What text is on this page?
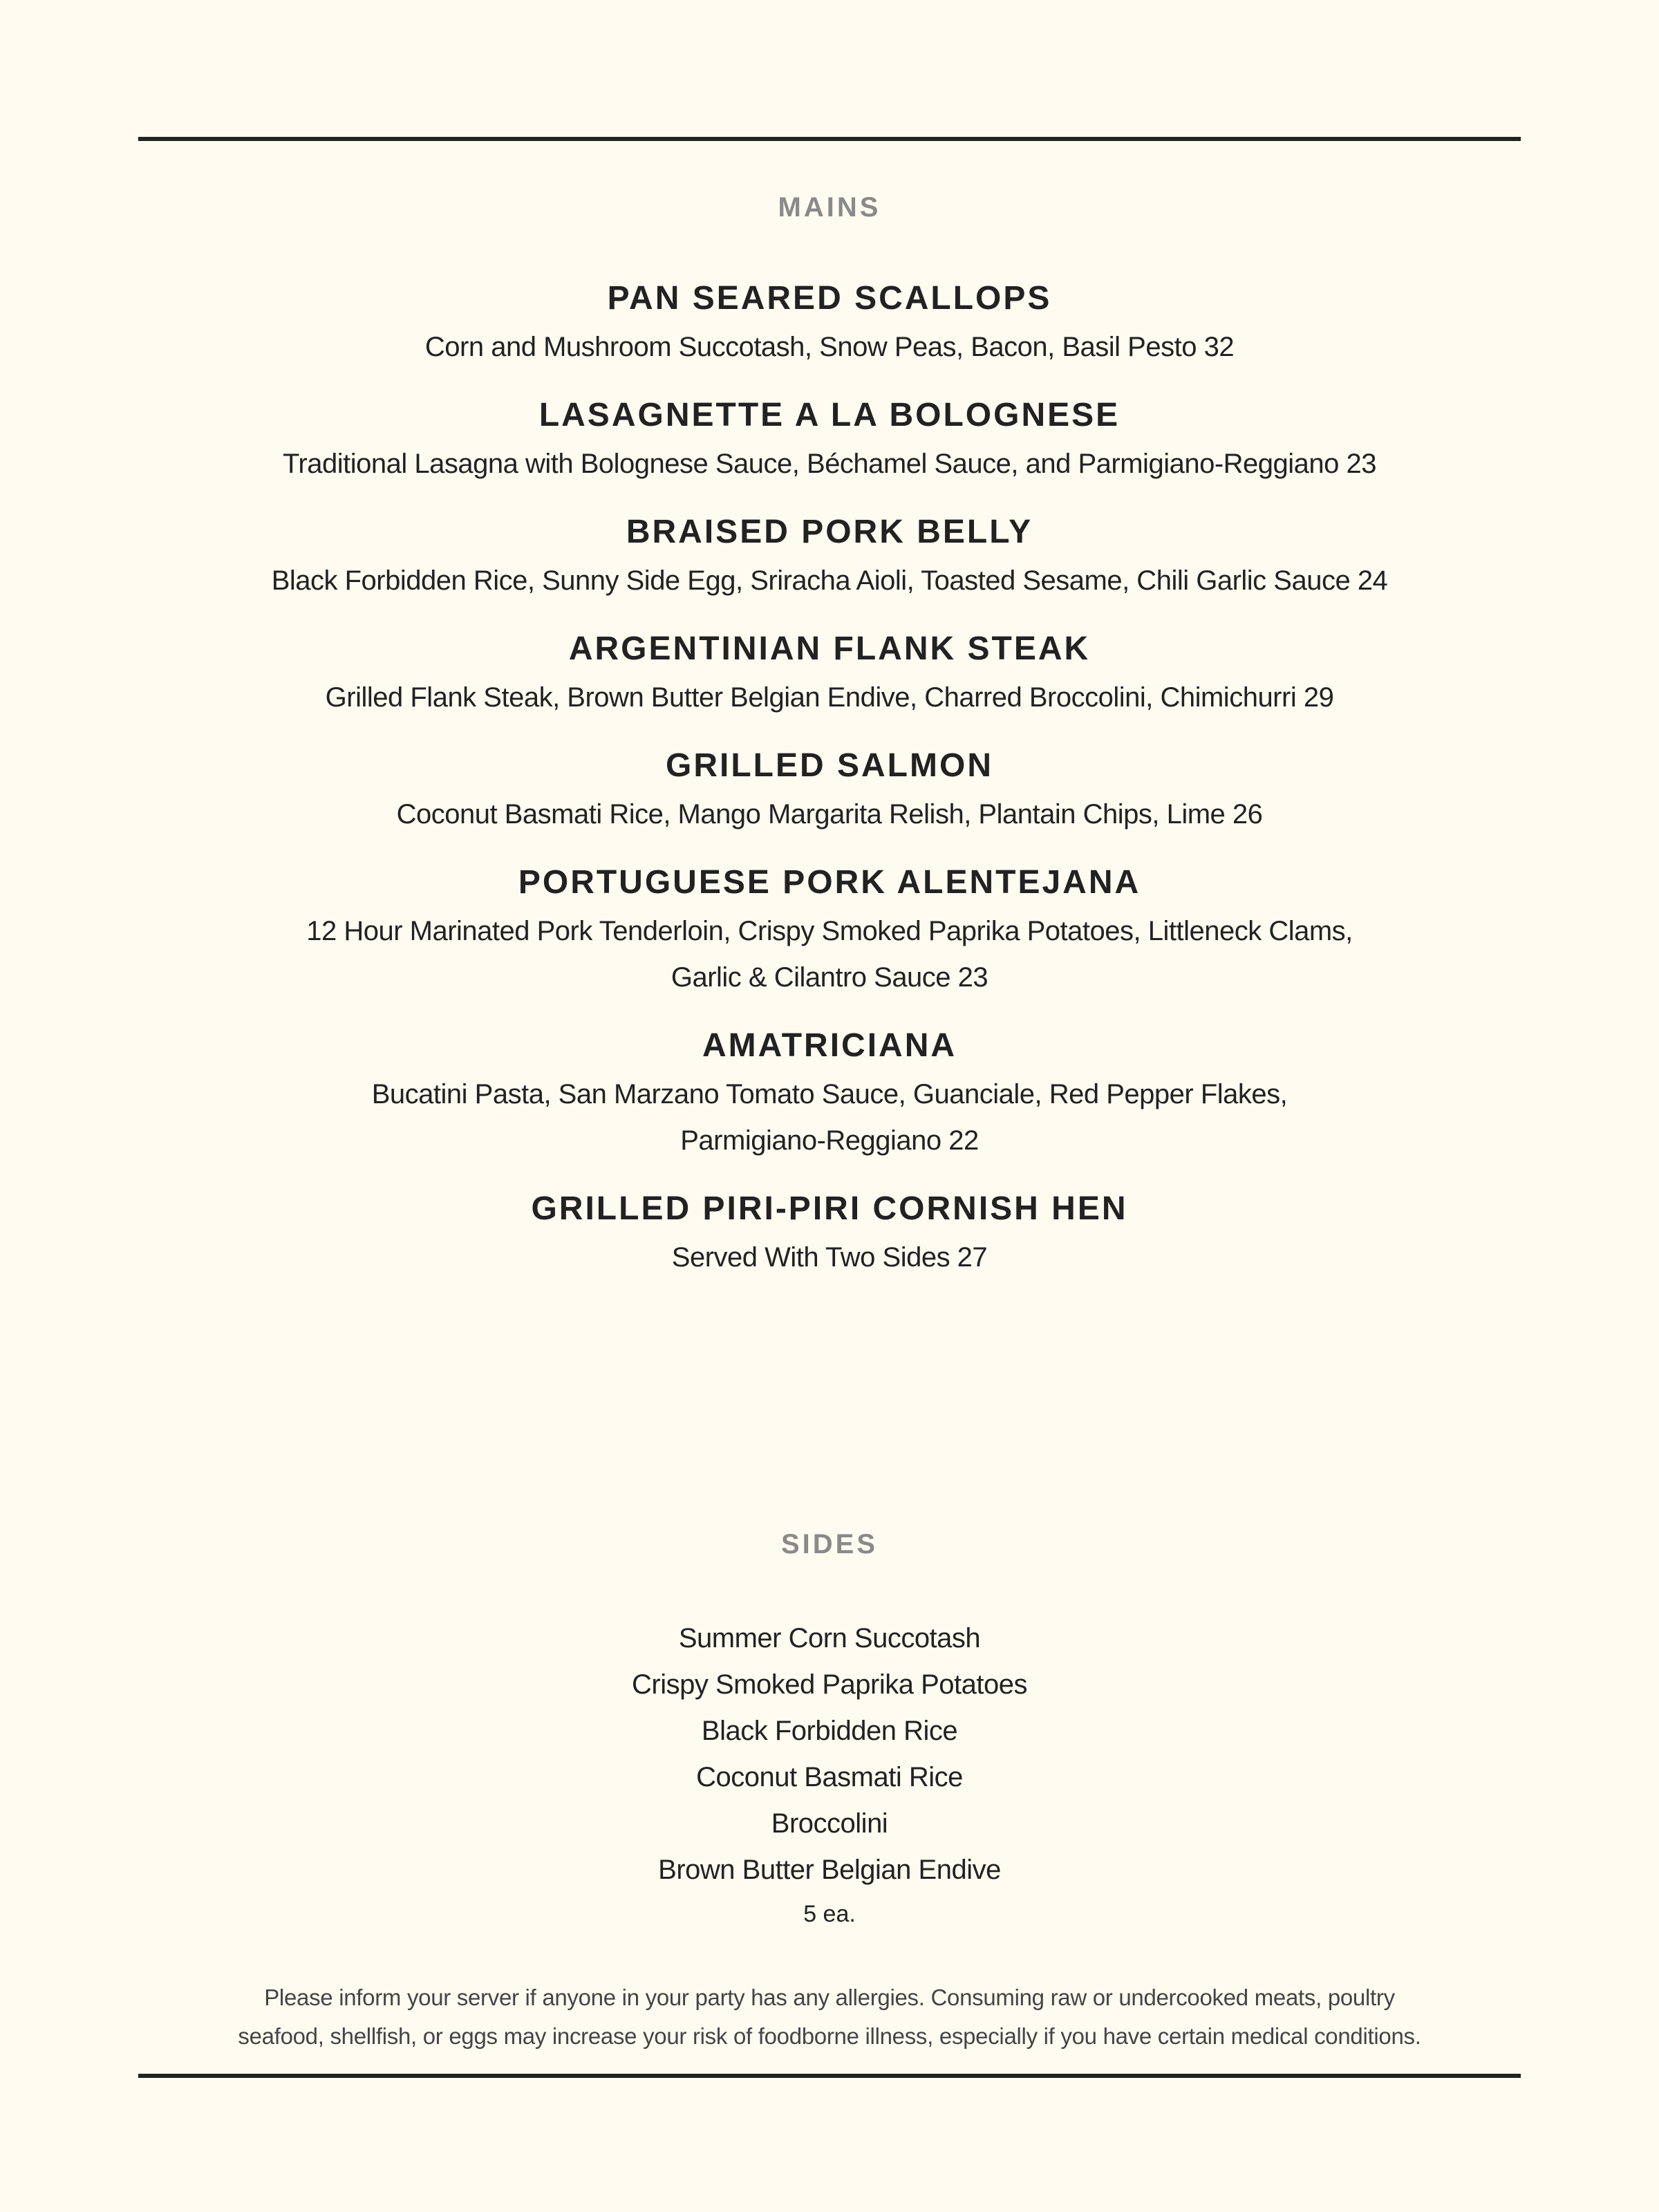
MAINS
PAN SEARED SCALLOPS
Corn and Mushroom Succotash, Snow Peas, Bacon, Basil Pesto 32
LASAGNETTE A LA BOLOGNESE
Traditional Lasagna with Bolognese Sauce, Béchamel Sauce, and Parmigiano-Reggiano 23
BRAISED PORK BELLY
Black Forbidden Rice, Sunny Side Egg, Sriracha Aioli, Toasted Sesame, Chili Garlic Sauce 24
ARGENTINIAN FLANK STEAK
Grilled Flank Steak, Brown Butter Belgian Endive, Charred Broccolini, Chimichurri 29
GRILLED SALMON
Coconut Basmati Rice, Mango Margarita Relish, Plantain Chips, Lime 26
PORTUGUESE PORK ALENTEJANA
12 Hour Marinated Pork Tenderloin, Crispy Smoked Paprika Potatoes, Littleneck Clams,
Garlic & Cilantro Sauce 23
AMATRICIANA
Bucatini Pasta, San Marzano Tomato Sauce, Guanciale, Red Pepper Flakes,
Parmigiano-Reggiano 22
GRILLED PIRI-PIRI CORNISH HEN
Served With Two Sides 27
SIDES
Summer Corn Succotash
Crispy Smoked Paprika Potatoes
Black Forbidden Rice
Coconut Basmati Rice
Broccolini
Brown Butter Belgian Endive
5 ea.
Please inform your server if anyone in your party has any allergies. Consuming raw or undercooked meats, poultry
seafood, shellfish, or eggs may increase your risk of foodborne illness, especially if you have certain medical conditions.
